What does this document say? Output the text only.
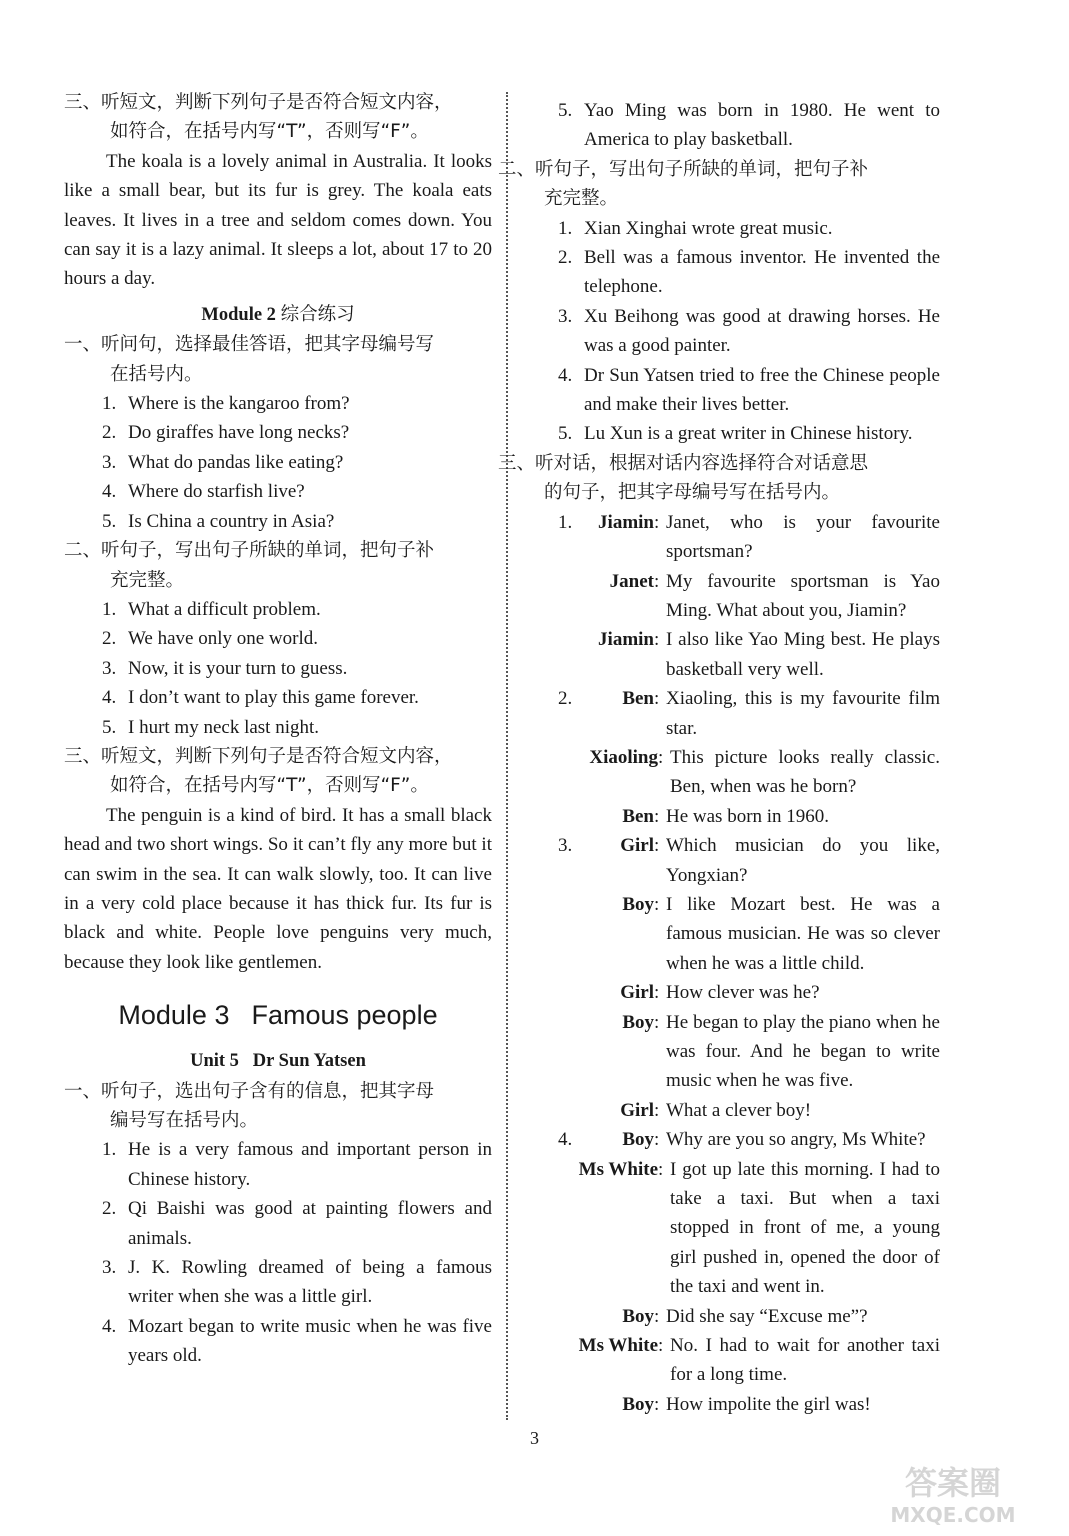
三、听短文，判断下列句子是否符合短文内容，
如符合，在括号内写“T”，否则写“F”。
The koala is a lovely animal in Australia. It looks like a small bear, but its fur is grey. The koala eats leaves. It lives in a tree and seldom comes down. You can say it is a lazy animal. It sleeps a lot, about 17 to 20 hours a day.
Module 2 综合练习
一、听问句，选择最佳答语，把其字母编号写
在括号内。
1. Where is the kangaroo from?
2. Do giraffes have long necks?
3. What do pandas like eating?
4. Where do starfish live?
5. Is China a country in Asia?
二、听句子，写出句子所缺的单词，把句子补
充完整。
1. What a difficult problem.
2. We have only one world.
3. Now, it is your turn to guess.
4. I don’t want to play this game forever.
5. I hurt my neck last night.
三、听短文，判断下列句子是否符合短文内容，
如符合，在括号内写“T”，否则写“F”。
The penguin is a kind of bird. It has a small black head and two short wings. So it can’t fly any more but it can swim in the sea. It can walk slowly, too. It can live in a very cold place because it has thick fur. Its fur is black and white. People love penguins very much, because they look like gentlemen.
Module 3 Famous people
Unit 5   Dr Sun Yatsen
一、听句子，选出句子含有的信息，把其字母
编号写在括号内。
1. He is a very famous and important person in Chinese history.
2. Qi Baishi was good at painting flowers and animals.
3. J. K. Rowling dreamed of being a famous writer when she was a little girl.
4. Mozart began to write music when he was five years old.
5. Yao Ming was born in 1980. He went to America to play basketball.
二、听句子，写出句子所缺的单词，把句子补
充完整。
1. Xian Xinghai wrote great music.
2. Bell was a famous inventor. He invented the telephone.
3. Xu Beihong was good at drawing horses. He was a good painter.
4. Dr Sun Yatsen tried to free the Chinese people and make their lives better.
5. Lu Xun is a great writer in Chinese history.
三、听对话，根据对话内容选择符合对话意思
的句子，把其字母编号写在括号内。
1.	Jiamin : Janet, who is your favourite sportsman?
Janet : My favourite sportsman is Yao Ming. What about you, Jiamin?
Jiamin : I also like Yao Ming best. He plays basketball very well.
2.	Ben : Xiaoling, this is my favourite film star.
Xiaoling : This picture looks really classic. Ben, when was he born?
Ben : He was born in 1960.
3.	Girl : Which musician do you like, Yongxian?
Boy : I like Mozart best. He was a famous musician. He was so clever when he was a little child.
Girl : How clever was he?
Boy : He began to play the piano when he was four. And he began to write music when he was five.
Girl : What a clever boy!
4.	Boy : Why are you so angry, Ms White?
Ms White : I got up late this morning. I had to take a taxi. But when a taxi stopped in front of me, a young girl pushed in, opened the door of the taxi and went in.
Boy : Did she say “Excuse me”?
Ms White : No. I had to wait for another taxi for a long time.
Boy : How impolite the girl was!
3
答案圈
MXQE.COM
